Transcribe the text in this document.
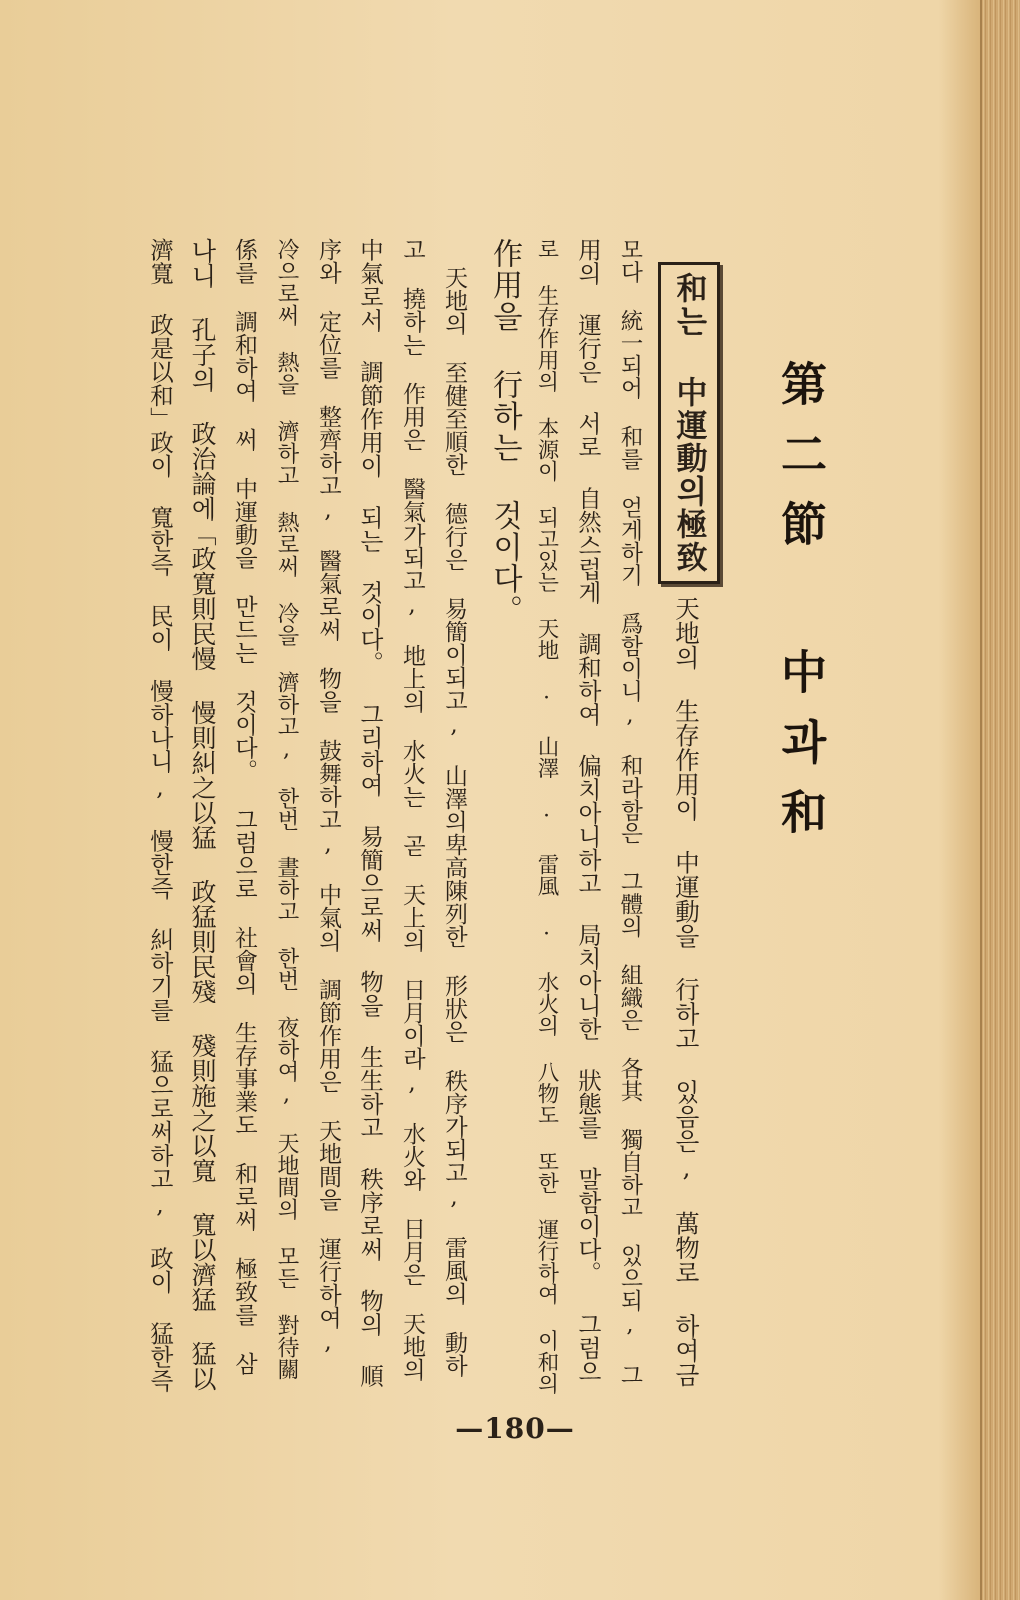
第二節 中과和
和는 中運動의極致
天地의 生存作用이 中運動을 行하고 있음은, 萬物로 하여금
모다 統一되어 和를 얻게하기 爲함이니, 和라함은 그體의 組織은 各其 獨自하고 있으되, 그
用의 運行은 서로 自然스럽게 調和하여 偏치아니하고 局치아니한 狀態를 말함이다。 그럼으
로 生存作用의 本源이 되고있는 天地 · 山澤 · 雷風 · 水火의 八物도 또한 運行하여 이和의
作用을 行하는 것이다。
天地의 至健至順한 德行은 易簡이되고, 山澤의卑高陳列한 形狀은 秩序가되고, 雷風의 動하
고 撓하는 作用은 醫氣가되고, 地上의 水火는 곧 天上의 日月이라, 水火와 日月은 天地의
中氣로서 調節作用이 되는 것이다。 그리하여 易簡으로써 物을 生生하고 秩序로써 物의 順
序와 定位를 整齊하고, 醫氣로써 物을 鼓舞하고, 中氣의 調節作用은 天地間을 運行하여,
冷으로써 熱을 濟하고 熱로써 冷을 濟하고, 한번 晝하고 한번 夜하여, 天地間의 모든 對待關
係를 調和하여 써 中運動을 만드는 것이다。 그럼으로 社會의 生存事業도 和로써 極致를 삼
나니 孔子의 政治論에「政寬則民慢 慢則糾之以猛 政猛則民殘 殘則施之以寬 寬以濟猛 猛以
濟寬 政是以和」政이 寬한즉 民이 慢하나니, 慢한즉 糾하기를 猛으로써하고, 政이 猛한즉
—180—
